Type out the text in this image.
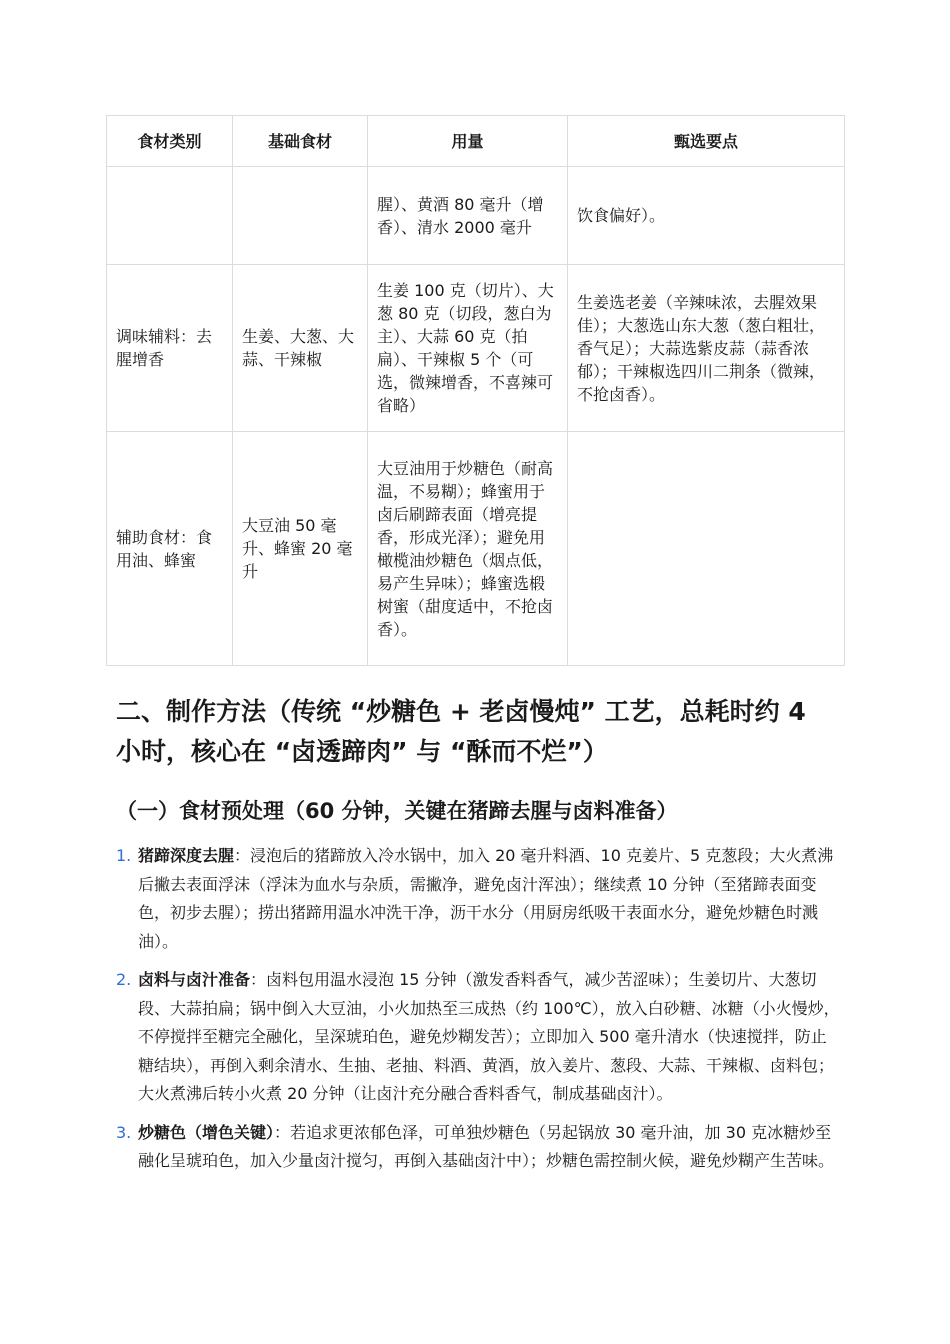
食材类别	基础食材	用量	甄选要点
		腥）、黄酒 80 毫升（增香）、清水 2000 毫升	饮食偏好）。
调味辅料：去腥增香	生姜、大葱、大蒜、干辣椒	生姜 100 克（切片）、大葱 80 克（切段，葱白为主）、大蒜 60 克（拍扁）、干辣椒 5 个（可选，微辣增香，不喜辣可省略）	生姜选老姜（辛辣味浓，去腥效果佳）；大葱选山东大葱（葱白粗壮，香气足）；大蒜选紫皮蒜（蒜香浓郁）；干辣椒选四川二荆条（微辣，不抢卤香）。
辅助食材：食用油、蜂蜜	大豆油 50 毫升、蜂蜜 20 毫升	大豆油用于炒糖色（耐高温，不易糊）；蜂蜜用于卤后刷蹄表面（增亮提香，形成光泽）；避免用橄榄油炒糖色（烟点低，易产生异味）；蜂蜜选椴树蜜（甜度适中，不抢卤香）。	
二、制作方法（传统 “炒糖色 + 老卤慢炖” 工艺，总耗时约 4 小时，核心在 “卤透蹄肉” 与 “酥而不烂”）
（一）食材预处理（60 分钟，关键在猪蹄去腥与卤料准备）
1. 猪蹄深度去腥：浸泡后的猪蹄放入冷水锅中，加入 20 毫升料酒、10 克姜片、5 克葱段；大火煮沸后撇去表面浮沫（浮沫为血水与杂质，需撇净，避免卤汁浑浊）；继续煮 10 分钟（至猪蹄表面变色，初步去腥）；捞出猪蹄用温水冲洗干净，沥干水分（用厨房纸吸干表面水分，避免炒糖色时溅油）。
2. 卤料与卤汁准备：卤料包用温水浸泡 15 分钟（激发香料香气，减少苦涩味）；生姜切片、大葱切段、大蒜拍扁；锅中倒入大豆油，小火加热至三成热（约 100℃），放入白砂糖、冰糖（小火慢炒，不停搅拌至糖完全融化，呈深琥珀色，避免炒糊发苦）；立即加入 500 毫升清水（快速搅拌，防止糖结块），再倒入剩余清水、生抽、老抽、料酒、黄酒，放入姜片、葱段、大蒜、干辣椒、卤料包；大火煮沸后转小火煮 20 分钟（让卤汁充分融合香料香气，制成基础卤汁）。
3. 炒糖色（增色关键）：若追求更浓郁色泽，可单独炒糖色（另起锅放 30 毫升油，加 30 克冰糖炒至融化呈琥珀色，加入少量卤汁搅匀，再倒入基础卤汁中）；炒糖色需控制火候，避免炒糊产生苦味。
